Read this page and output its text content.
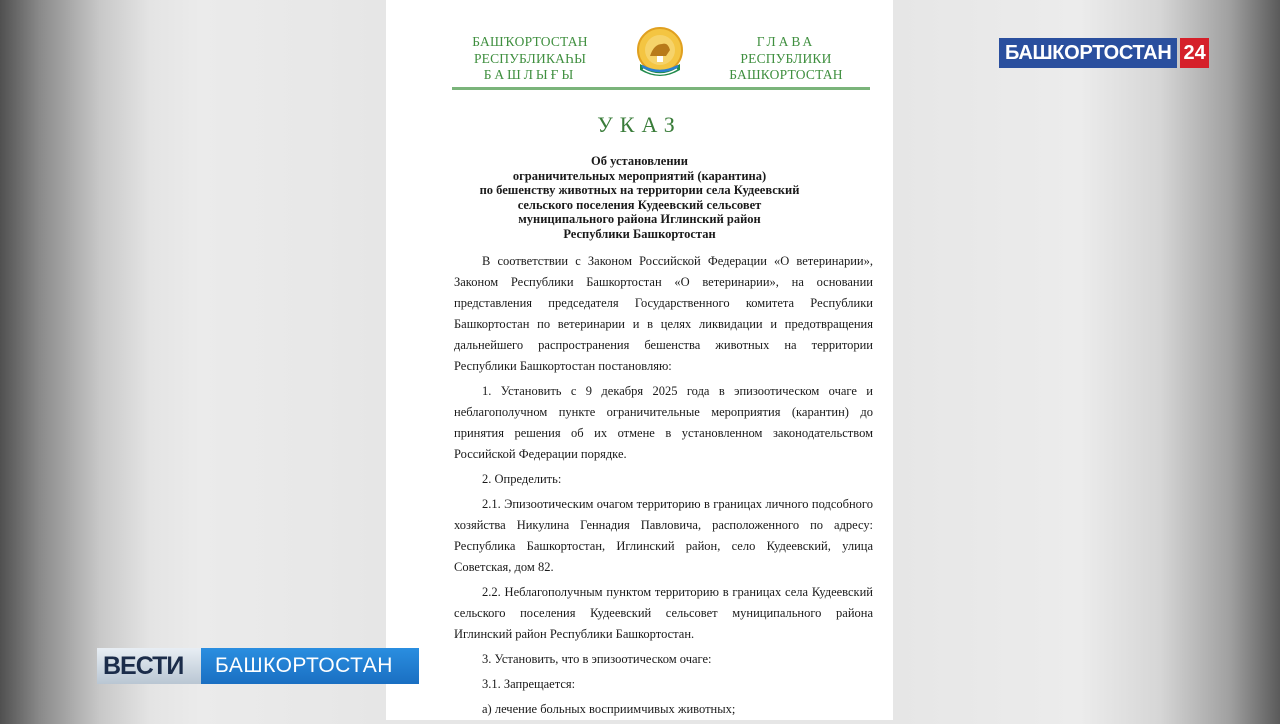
БАШҠОРТОСТАН
РЕСПУБЛИКАҺЫ
БАШЛЫҒЫ
ГЛАВА
РЕСПУБЛИКИ
БАШКОРТОСТАН
УКАЗ
Об установлении
ограничительных мероприятий (карантина)
по бешенству животных на территории села Кудеевский
сельского поселения Кудеевский сельсовет
муниципального района Иглинский район
Республики Башкортостан

В соответствии с Законом Российской Федерации «О ветеринарии», Законом Республики Башкортостан «О ветеринарии», на основании представления председателя Государственного комитета Республики Башкортостан по ветеринарии и в целях ликвидации и предотвращения дальнейшего распространения бешенства животных на территории Республики Башкортостан постановляю:

1. Установить с 9 декабря 2025 года в эпизоотическом очаге и неблагополучном пункте ограничительные мероприятия (карантин) до принятия решения об их отмене в установленном законодательством Российской Федерации порядке.

2. Определить:

2.1. Эпизоотическим очагом территорию в границах личного подсобного хозяйства Никулина Геннадия Павловича, расположенного по адресу: Республика Башкортостан, Иглинский район, село Кудеевский, улица Советская, дом 82.

2.2. Неблагополучным пунктом территорию в границах села Кудеевский сельского поселения Кудеевский сельсовет муниципального района Иглинский район Республики Башкортостан.

3. Установить, что в эпизоотическом очаге:

3.1. Запрещается:

а) лечение больных восприимчивых животных;

БАШКОРТОСТАН 24
ВЕСТИ	БАШКОРТОСТАН
